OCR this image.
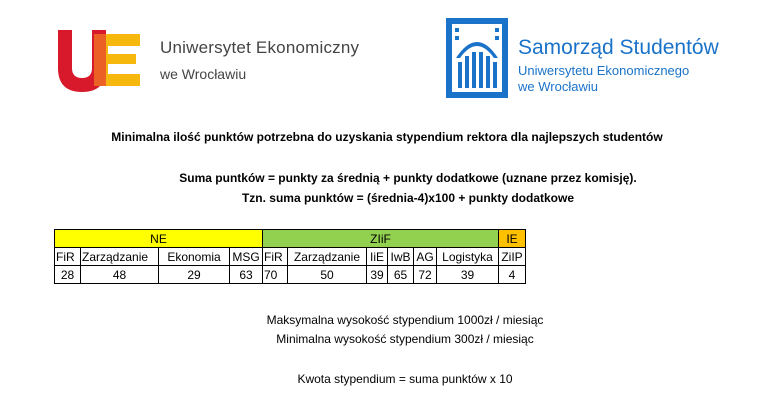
Uniwersytet Ekonomiczny
we Wrocławiu
Samorząd Studentów
Uniwersytetu Ekonomicznego
we Wrocławiu
Minimalna ilość punktów potrzebna do uzyskania stypendium rektora dla najlepszych studentów
Suma puntków = punkty za średnią + punkty dodatkowe (uznane przez komisję).
Tzn. suma punktów = (średnia-4)x100 + punkty dodatkowe
NE				ZIiF						IE
FiR	Zarządzanie	Ekonomia	MSG	FiR	Zarządzanie	IiE	IwB	AG	Logistyka	ZiIP
28	48	29	63	70	50	39	65	72	39	4
Maksymalna wysokość stypendium 1000zł / miesiąc
Minimalna wysokość stypendium 300zł / miesiąc
Kwota stypendium = suma punktów x 10
